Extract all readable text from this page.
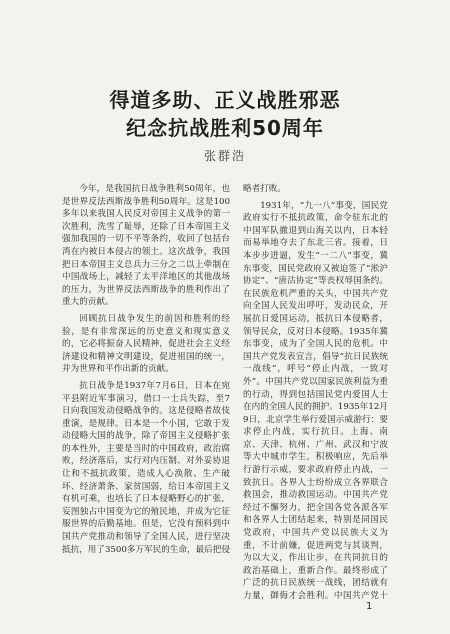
得道多助、正义战胜邪恶
纪念抗战胜利50周年
张群浩

今年，是我国抗日战争胜利50周年，也是世界反法西斯战争胜利50周年。这是100多年以来我国人民反对帝国主义战争的第一次胜利，洗雪了耻辱，还除了日本帝国主义强加我国的一切不平等条约，收回了包括台湾在内被日本侵占的领土。这次战争，我国把日本帝国主义总兵力三分之二以上牵制在中国战场上，减轻了太平洋地区的其他战场的压力，为世界反法西斯战争的胜利作出了重大的贡献。

回顾抗日战争发生的前因和胜利的经验，是有非常深远的历史意义和现实意义的，它必将振奋人民精神，促进社会主义经济建设和精神文明建设，促进祖国的统一，并为世界和平作出新的贡献。

抗日战争是1937年7月6日，日本在宛平县附近军事演习，借口一士兵失踪，至7日向我国发动侵略战争的。这是侵略者故伎重演，是规律。日本是一个小国，它敢于发动侵略大国的战争，除了帝国主义侵略扩张的本性外，主要是当时的中国政府，政治腐败，经济落后，实行对内压制、对外妥协退让和不抵抗政策，造成人心涣散、生产破坏、经济萧条、家贫国弱，给日本帝国主义有机可乘，也培长了日本侵略野心的扩张，妄图独占中国变为它的殖民地，并成为它征服世界的后勤基地。但是，它没有预料到中国共产党推动和领导了全国人民，进行坚决抵抗，用了3500多万军民的生命，最后把侵

略者打败。

1931年，“九一八”事变，国民党政府实行不抵抗政策，命令驻东北的中国军队撤退到山海关以内，日本轻而易举地夺去了东北三省。接着，日本步步进逼，发生“一二八”事变，冀东事变，国民党政府又被迫签了“淞沪协定”、“唐沽协定”等丧权辱国条约。在民族危机严重的关头，中国共产党向全国人民发出呼吁，发动民众，开展抗日爱国运动，抵抗日本侵略者，领导民众，反对日本侵略。1935年冀东事变，成为了全国人民的危机。中国共产党发表宣言，倡导“抗日民族统一战线”，呼号“停止内战，一致对外”。中国共产党以国家民族利益为重的行动，得到包括国民党内爱国人士在内的全国人民的拥护。1935年12月9日，北京学生举行爱国示威游行：要求停止内战，实行抗日。上海、南京、天津、杭州、广州、武汉和宁波等大中城市学生，积极响应，先后举行游行示威，要求政府停止内战，一致抗日。各界人士纷纷成立各界联合救国会，推动救国运动。中国共产党经过不懈努力，把全国各党各派各军和各界人士团结起来，特别是同国民党政府，中国共产党以民族大义为重，不计前嫌，促进两党与其谈判，为以大义，作出让步，在共同抗日的政治基础上，重新合作。最终形成了广泛的抗日民族统一战线，团结就有力量，御侮才会胜利。中国共产党十

1
